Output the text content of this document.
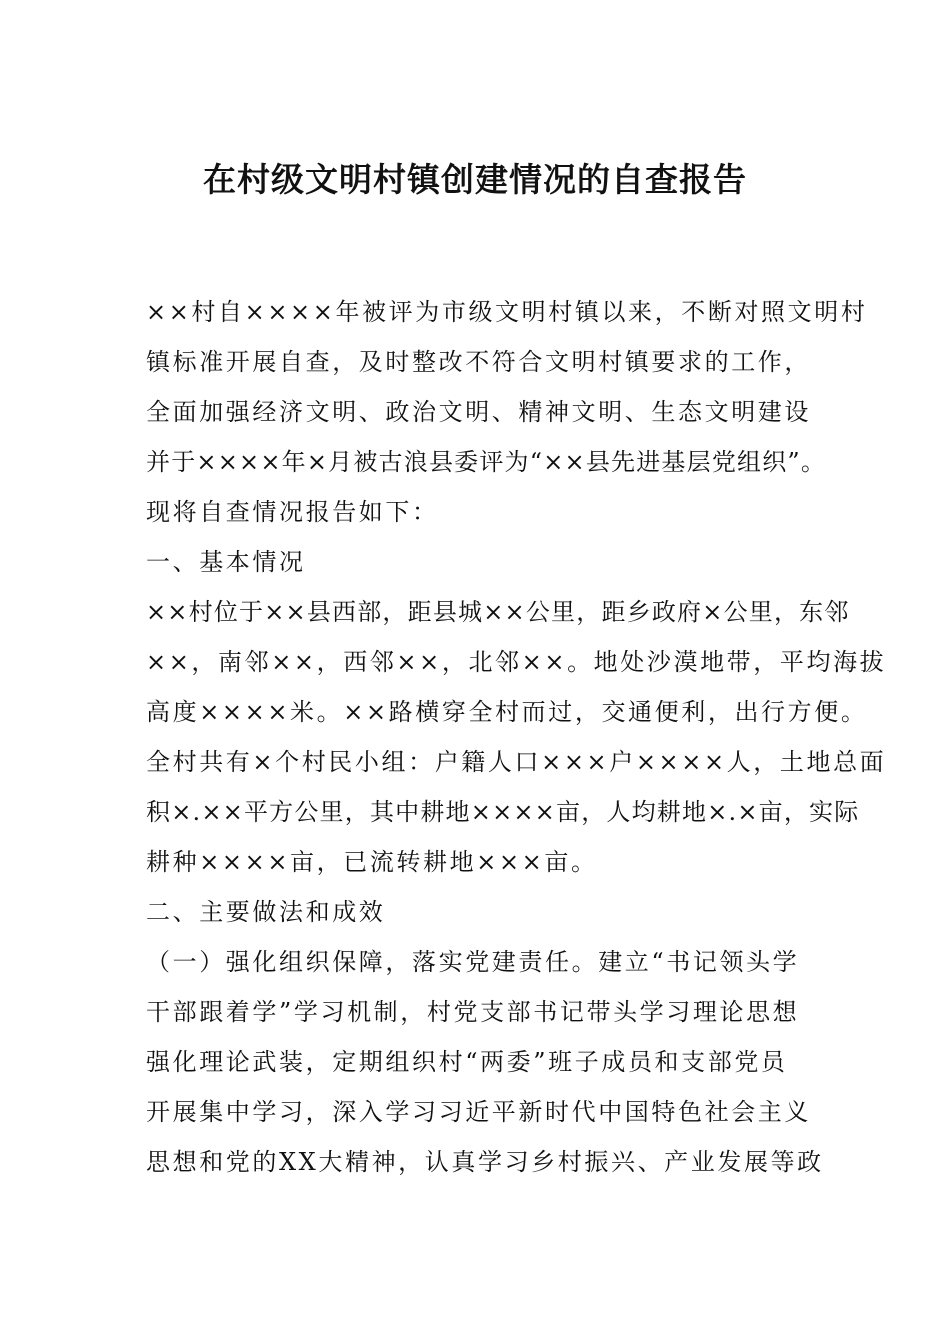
在村级文明村镇创建情况的自查报告
××村自××××年被评为市级文明村镇以来，不断对照文明村
镇标准开展自查，及时整改不符合文明村镇要求的工作，
全面加强经济文明、政治文明、精神文明、生态文明建设
并于××××年×月被古浪县委评为“××县先进基层党组织”。
现将自查情况报告如下：
一、基本情况
××村位于××县西部，距县城××公里，距乡政府×公里，东邻
××，南邻××，西邻××，北邻××。地处沙漠地带，平均海拔
高度××××米。××路横穿全村而过，交通便利，出行方便。
全村共有×个村民小组：户籍人口×××户××××人，土地总面
积×.××平方公里，其中耕地××××亩，人均耕地×.×亩，实际
耕种××××亩，已流转耕地×××亩。
二、主要做法和成效
（一）强化组织保障，落实党建责任。建立“书记领头学
干部跟着学”学习机制，村党支部书记带头学习理论思想
强化理论武装，定期组织村“两委”班子成员和支部党员
开展集中学习，深入学习习近平新时代中国特色社会主义
思想和党的XX大精神，认真学习乡村振兴、产业发展等政
